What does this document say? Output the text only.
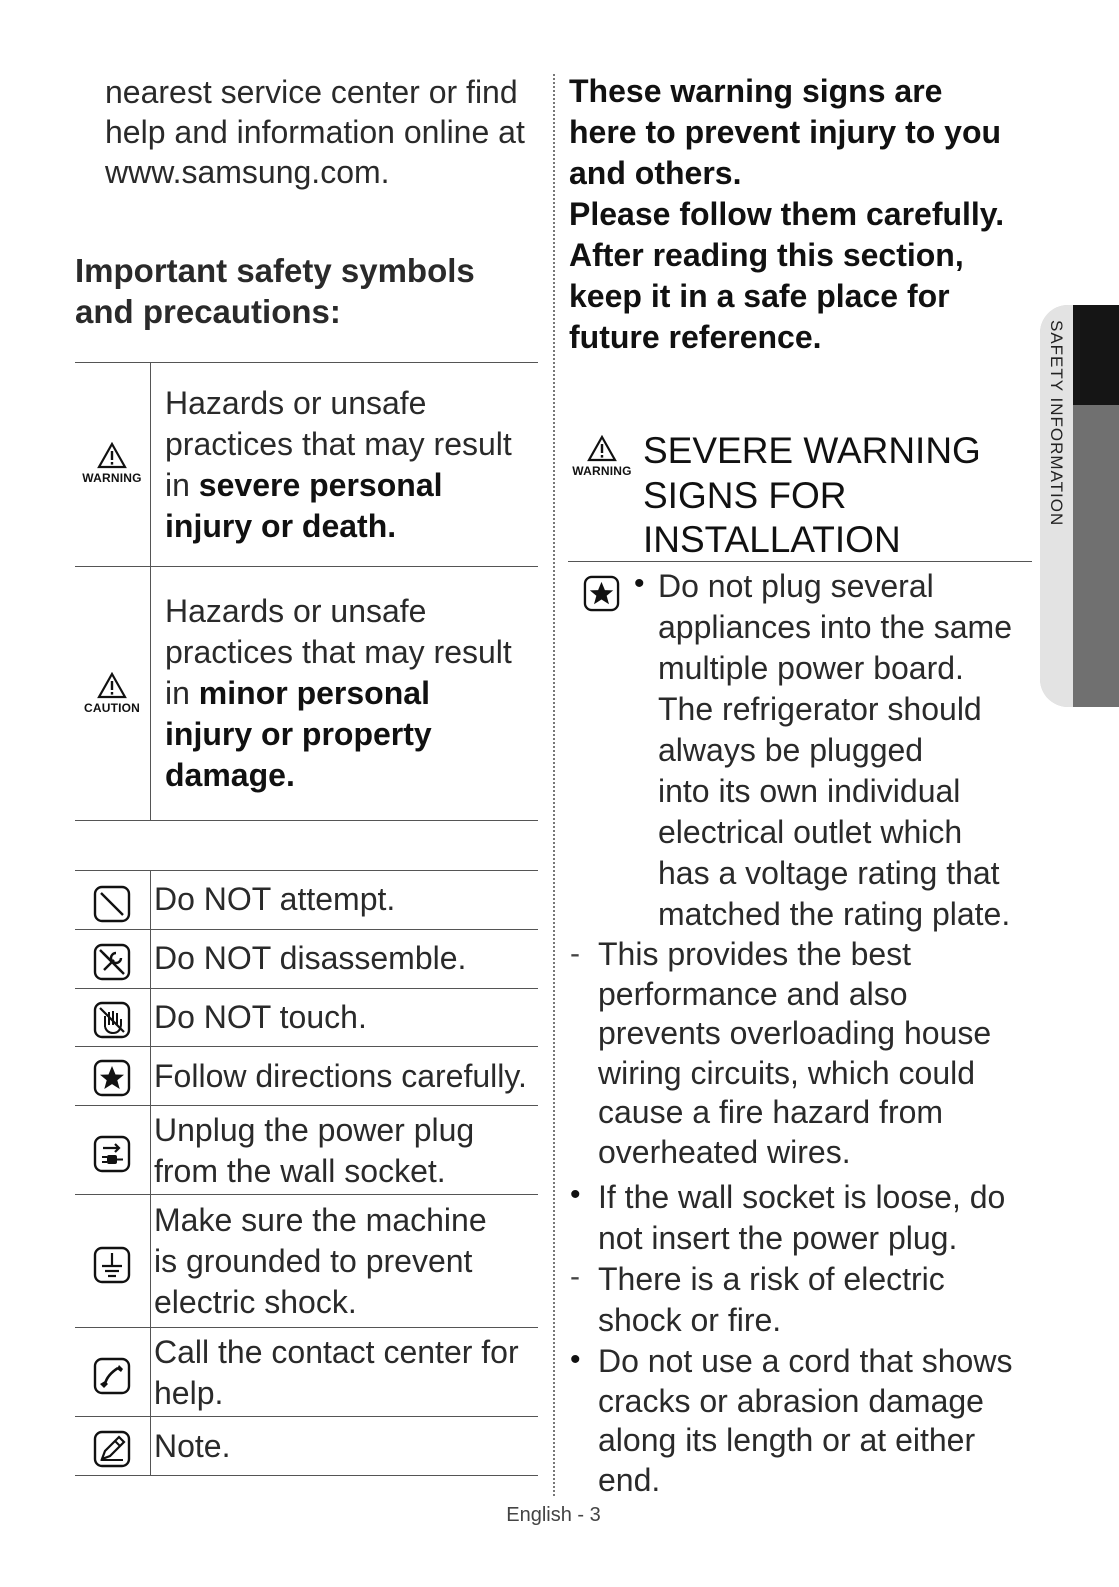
nearest service center or find
help and information online at
www.samsung.com.
Important safety symbols
and precautions:
WARNING
Hazards or unsafe
practices that may result
in severe personal
injury or death.
CAUTION
Hazards or unsafe
practices that may result
in minor personal
injury or property
damage.
Do NOT attempt.
Do NOT disassemble.
Do NOT touch.
Follow directions carefully.
Unplug the power plug
from the wall socket.
Make sure the machine
is grounded to prevent
electric shock.
Call the contact center for
help.
Note.
These warning signs are
here to prevent injury to you
and others.
Please follow them carefully.
After reading this section,
keep it in a safe place for
future reference.
WARNING SEVERE WARNING
SIGNS FOR
INSTALLATION
• Do not plug several
appliances into the same
multiple power board.
The refrigerator should
always be plugged
into its own individual
electrical outlet which
has a voltage rating that
matched the rating plate.
- This provides the best
performance and also
prevents overloading house
wiring circuits, which could
cause a fire hazard from
overheated wires.
• If the wall socket is loose, do
not insert the power plug.
- There is a risk of electric
shock or fire.
• Do not use a cord that shows
cracks or abrasion damage
along its length or at either
end.
SAFETY INFORMATION
English - 3
